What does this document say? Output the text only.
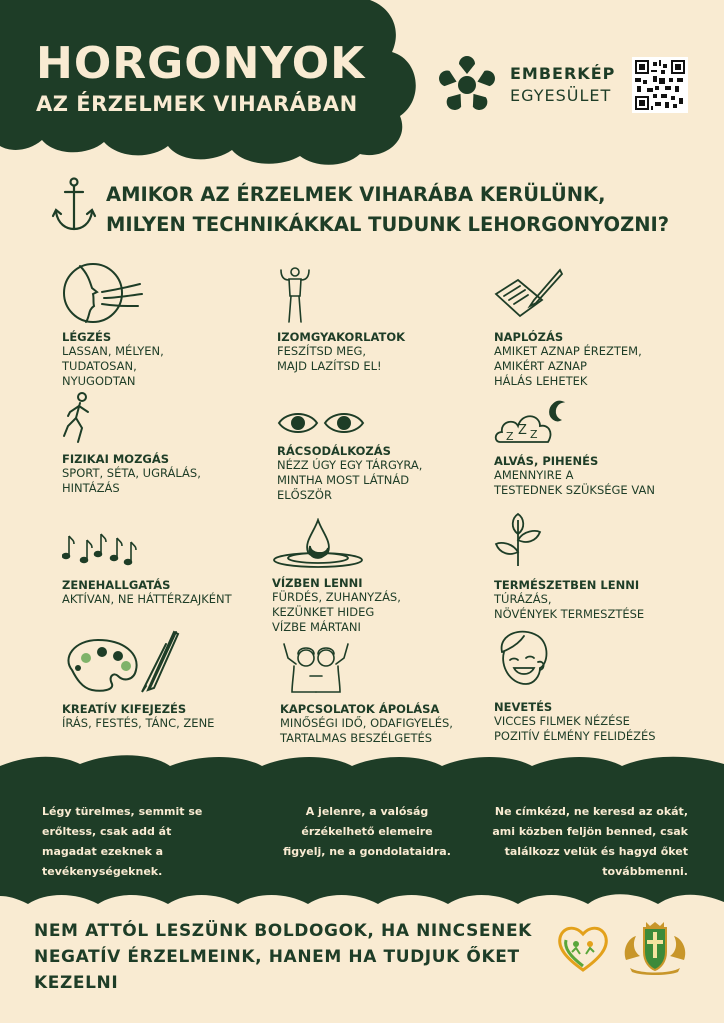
HORGONYOK
AZ ÉRZELMEK VIHARÁBAN
EMBERKÉP
EGYESÜLET
AMIKOR AZ ÉRZELMEK VIHARÁBA KERÜLÜNK,
MILYEN TECHNIKÁKKAL TUDUNK LEHORGONYOZNI?
LÉGZÉS
LASSAN, MÉLYEN,
TUDATOSAN,
NYUGODTAN
IZOMGYAKORLATOK
FESZÍTSD MEG,
MAJD LAZÍTSD EL!
NAPLÓZÁS
AMIKET AZNAP ÉREZTEM,
AMIKÉRT AZNAP
HÁLÁS LEHETEK
FIZIKAI MOZGÁS
SPORT, SÉTA, UGRÁLÁS,
HINTÁZÁS
RÁCSODÁLKOZÁS
NÉZZ ÚGY EGY TÁRGYRA,
MINTHA MOST LÁTNÁD
ELŐSZÖR
Z Z Z
ALVÁS, PIHENÉS
AMENNYIRE A
TESTEDNEK SZÜKSÉGE VAN
ZENEHALLGATÁS
AKTÍVAN, NE HÁTTÉRZAJKÉNT
VÍZBEN LENNI
FÜRDÉS, ZUHANYZÁS,
KEZÜNKET HIDEG
VÍZBE MÁRTANI
TERMÉSZETBEN LENNI
TÚRÁZÁS,
NÖVÉNYEK TERMESZTÉSE
KREATÍV KIFEJEZÉS
ÍRÁS, FESTÉS, TÁNC, ZENE
KAPCSOLATOK ÁPOLÁSA
MINŐSÉGI IDŐ, ODAFIGYELÉS,
TARTALMAS BESZÉLGETÉS
NEVETÉS
VICCES FILMEK NÉZÉSE
POZITÍV ÉLMÉNY FELIDÉZÉS
Légy türelmes, semmit se
erőltess, csak add át
magadat ezeknek a
tevékenységeknek.
A jelenre, a valóság
érzékelhető elemeire
figyelj, ne a gondolataidra.
Ne címkézd, ne keresd az okát,
ami közben feljön benned, csak
találkozz velük és hagyd őket
továbbmenni.
NEM ATTÓL LESZÜNK BOLDOGOK, HA NINCSENEK
NEGATÍV ÉRZELMEINK, HANEM HA TUDJUK ŐKET
KEZELNI
